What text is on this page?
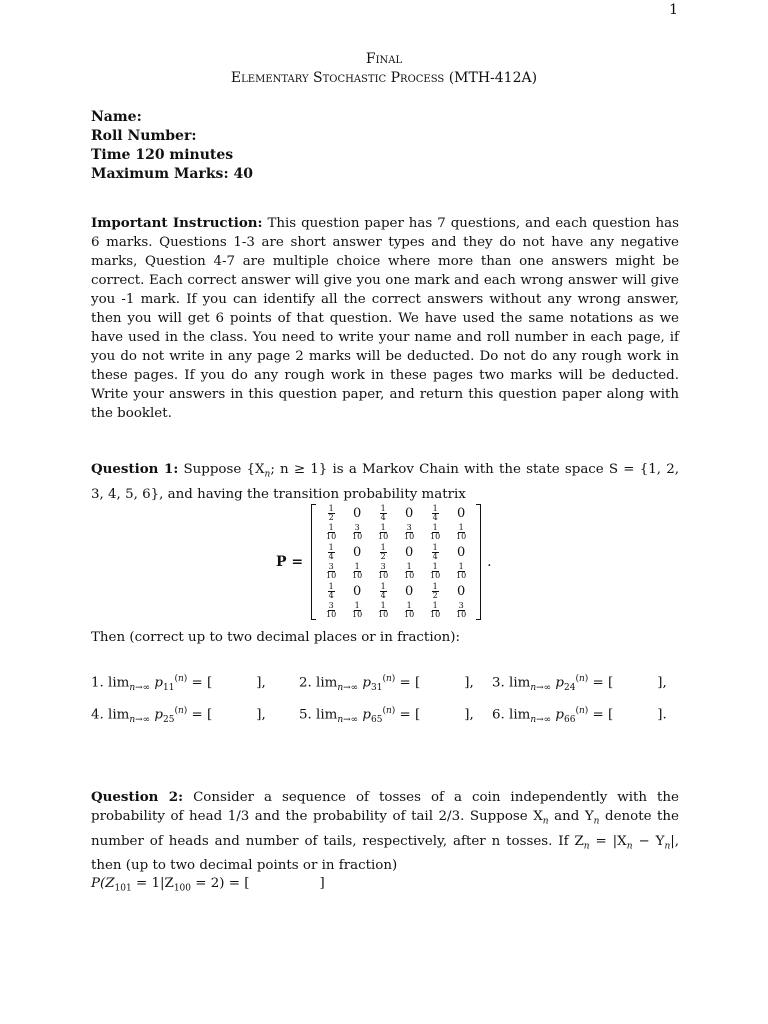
1
Final
Elementary Stochastic Process (MTH-412A)
Name:
Roll Number:
Time 120 minutes
Maximum Marks: 40
Important Instruction: This question paper has 7 questions, and each question has 6 marks. Questions 1-3 are short answer types and they do not have any negative marks, Question 4-7 are multiple choice where more than one answers might be correct. Each correct answer will give you one mark and each wrong answer will give you -1 mark. If you can identify all the correct answers without any wrong answer, then you will get 6 points of that question. We have used the same notations as we have used in the class. You need to write your name and roll number in each page, if you do not write in any page 2 marks will be deducted. Do not do any rough work in these pages. If you do any rough work in these pages two marks will be deducted. Write your answers in this question paper, and return this question paper along with the booklet.
Question 1: Suppose {$X_n$; n ≥ 1} is a Markov Chain with the state space S = {1, 2, 3, 4, 5, 6}, and having the transition probability matrix
P =
$\frac{1}{2}$	0	$\frac{1}{4}$	0	$\frac{1}{4}$	0
$\frac{1}{10} \frac{3}{10} \frac{1}{10} \frac{3}{10} \frac{1}{10} \frac{1}{10}$
$\frac{1}{4}$	0	$\frac{1}{2}$	0	$\frac{1}{4}$	0
$\frac{3}{10} \frac{1}{10} \frac{3}{10} \frac{1}{10} \frac{1}{10} \frac{1}{10}$
$\frac{1}{4}$	0	$\frac{1}{4}$	0	$\frac{1}{2}$	0
$\frac{3}{10} \frac{1}{10} \frac{1}{10} \frac{1}{10} \frac{1}{10} \frac{3}{10}$
.
Then (correct up to two decimal places or in fraction):
1. $\lim_{n\to\infty} p_{11}^{(n)}$ = [	], 2. $\lim_{n\to\infty} p_{31}^{(n)}$ = [	], 3. $\lim_{n\to\infty} p_{24}^{(n)}$ = [	],
4. $\lim_{n\to\infty} p_{25}^{(n)}$ = [	], 5. $\lim_{n\to\infty} p_{65}^{(n)}$ = [	], 6. $\lim_{n\to\infty} p_{66}^{(n)}$ = [	].
Question 2: Consider a sequence of tosses of a coin independently with the probability of head 1/3 and the probability of tail 2/3. Suppose $X_n$ and $Y_n$ denote the number of heads and number of tails, respectively, after n tosses. If $Z_n = |X_n - Y_n|$, then (up to two decimal points or in fraction)
$P(Z_{101} = 1|Z_{100} = 2)$ = [	]
